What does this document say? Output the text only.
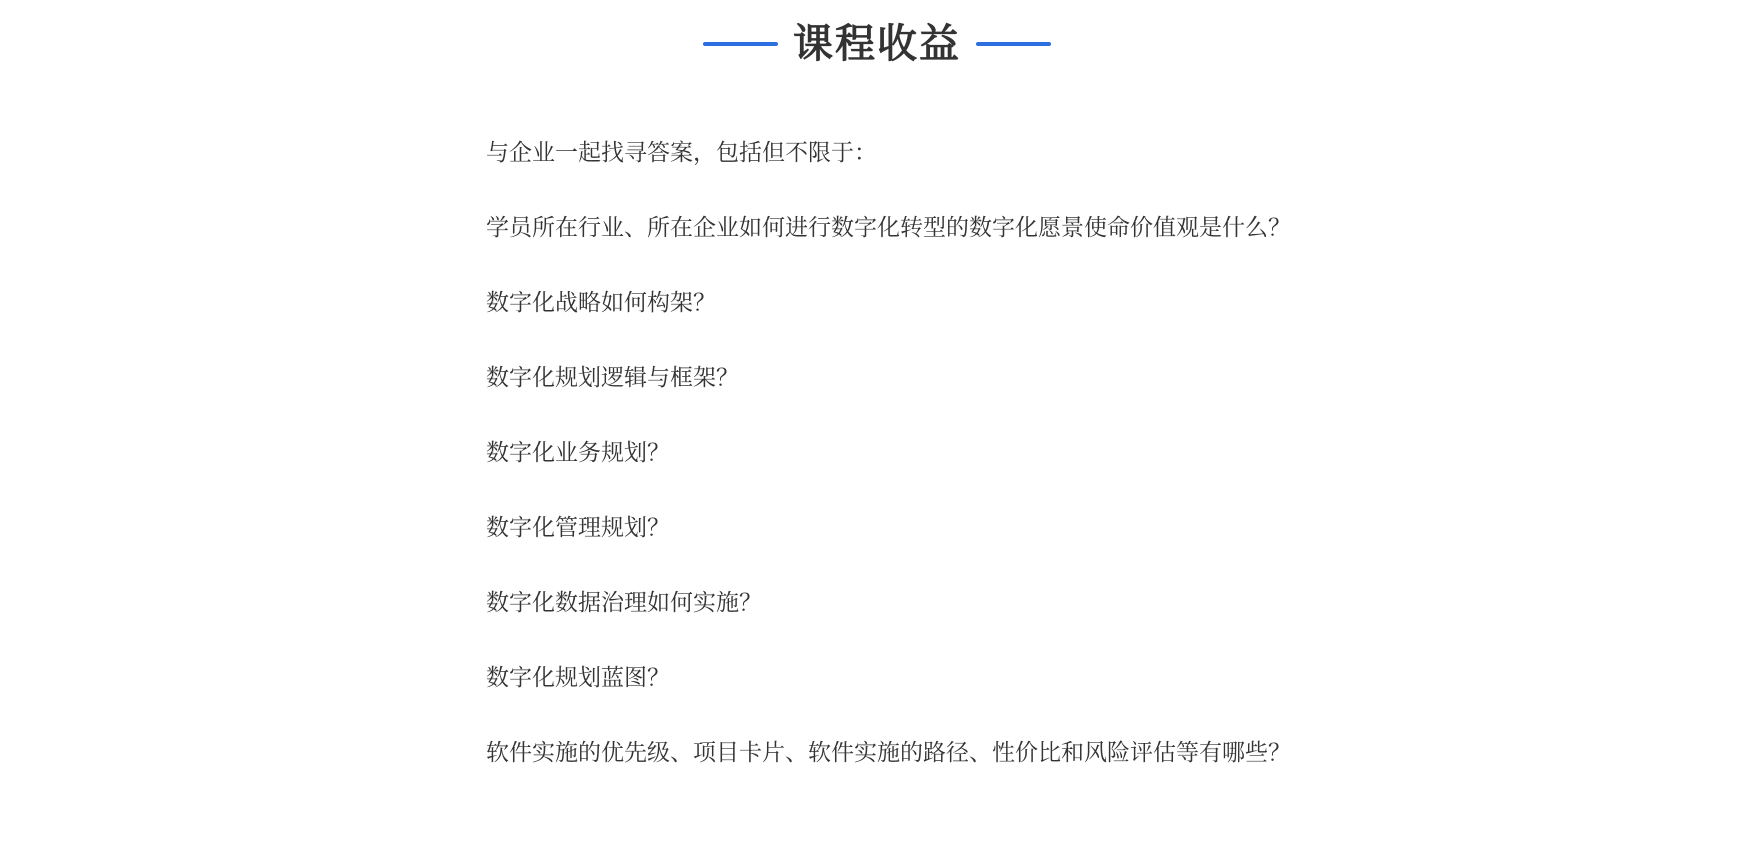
课程收益
与企业一起找寻答案，包括但不限于：
学员所在行业、所在企业如何进行数字化转型的数字化愿景使命价值观是什么？
数字化战略如何构架？
数字化规划逻辑与框架？
数字化业务规划？
数字化管理规划？
数字化数据治理如何实施？
数字化规划蓝图？
软件实施的优先级、项目卡片、软件实施的路径、性价比和风险评估等有哪些？
